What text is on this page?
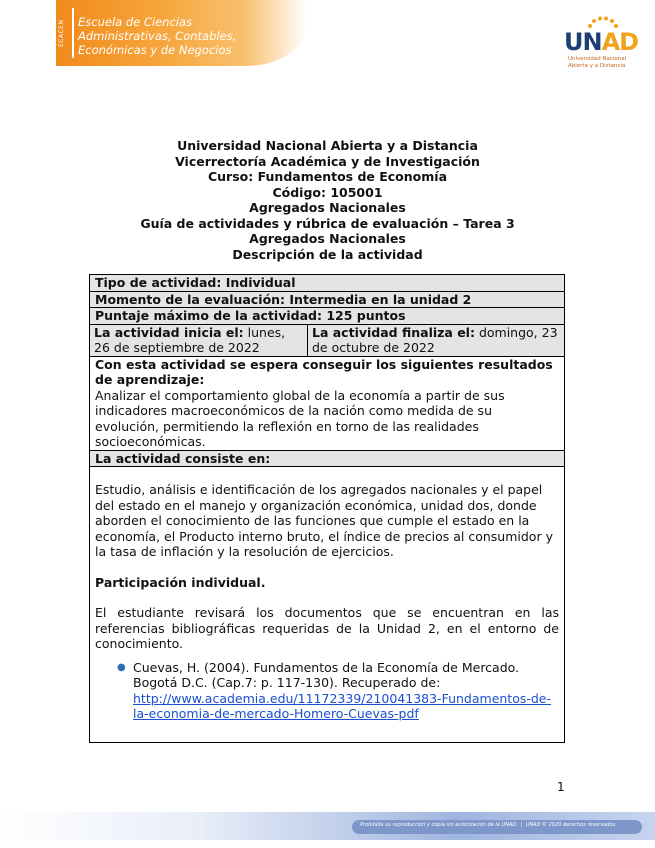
ECACEN	Escuela de Ciencias
Administrativas, Contables,
Económicas y de Negocios	UNAD
Universidad Nacional
Abierta y a Distancia
Universidad Nacional Abierta y a Distancia
Vicerrectoría Académica y de Investigación
Curso: Fundamentos de Economía
Código: 105001
Agregados Nacionales
Guía de actividades y rúbrica de evaluación – Tarea 3
Agregados Nacionales
Descripción de la actividad
Tipo de actividad: Individual
Momento de la evaluación: Intermedia en la unidad 2
Puntaje máximo de la actividad: 125 puntos
La actividad inicia el: lunes, 26 de septiembre de 2022
La actividad finaliza el: domingo, 23 de octubre de 2022
Con esta actividad se espera conseguir los siguientes resultados de aprendizaje:
Analizar el comportamiento global de la economía a partir de sus indicadores macroeconómicos de la nación como medida de su evolución, permitiendo la reflexión en torno de las realidades socioeconómicas.
La actividad consiste en:

Estudio, análisis e identificación de los agregados nacionales y el papel del estado en el manejo y organización económica, unidad dos, donde aborden el conocimiento de las funciones que cumple el estado en la economía, el Producto interno bruto, el índice de precios al consumidor y la tasa de inflación y la resolución de ejercicios.

Participación individual.

El estudiante revisará los documentos que se encuentran en las referencias bibliográficas requeridas de la Unidad 2, en el entorno de conocimiento.

● Cuevas, H. (2004). Fundamentos de la Economía de Mercado. Bogotá D.C. (Cap.7: p. 117-130). Recuperado de:
http://www.academia.edu/11172339/210041383-Fundamentos-de-la-economia-de-mercado-Homero-Cuevas-pdf
1
Prohibida su reproducción y copia sin autorización de la UNAD.  |  UNAD © 2020 derechos reservados
